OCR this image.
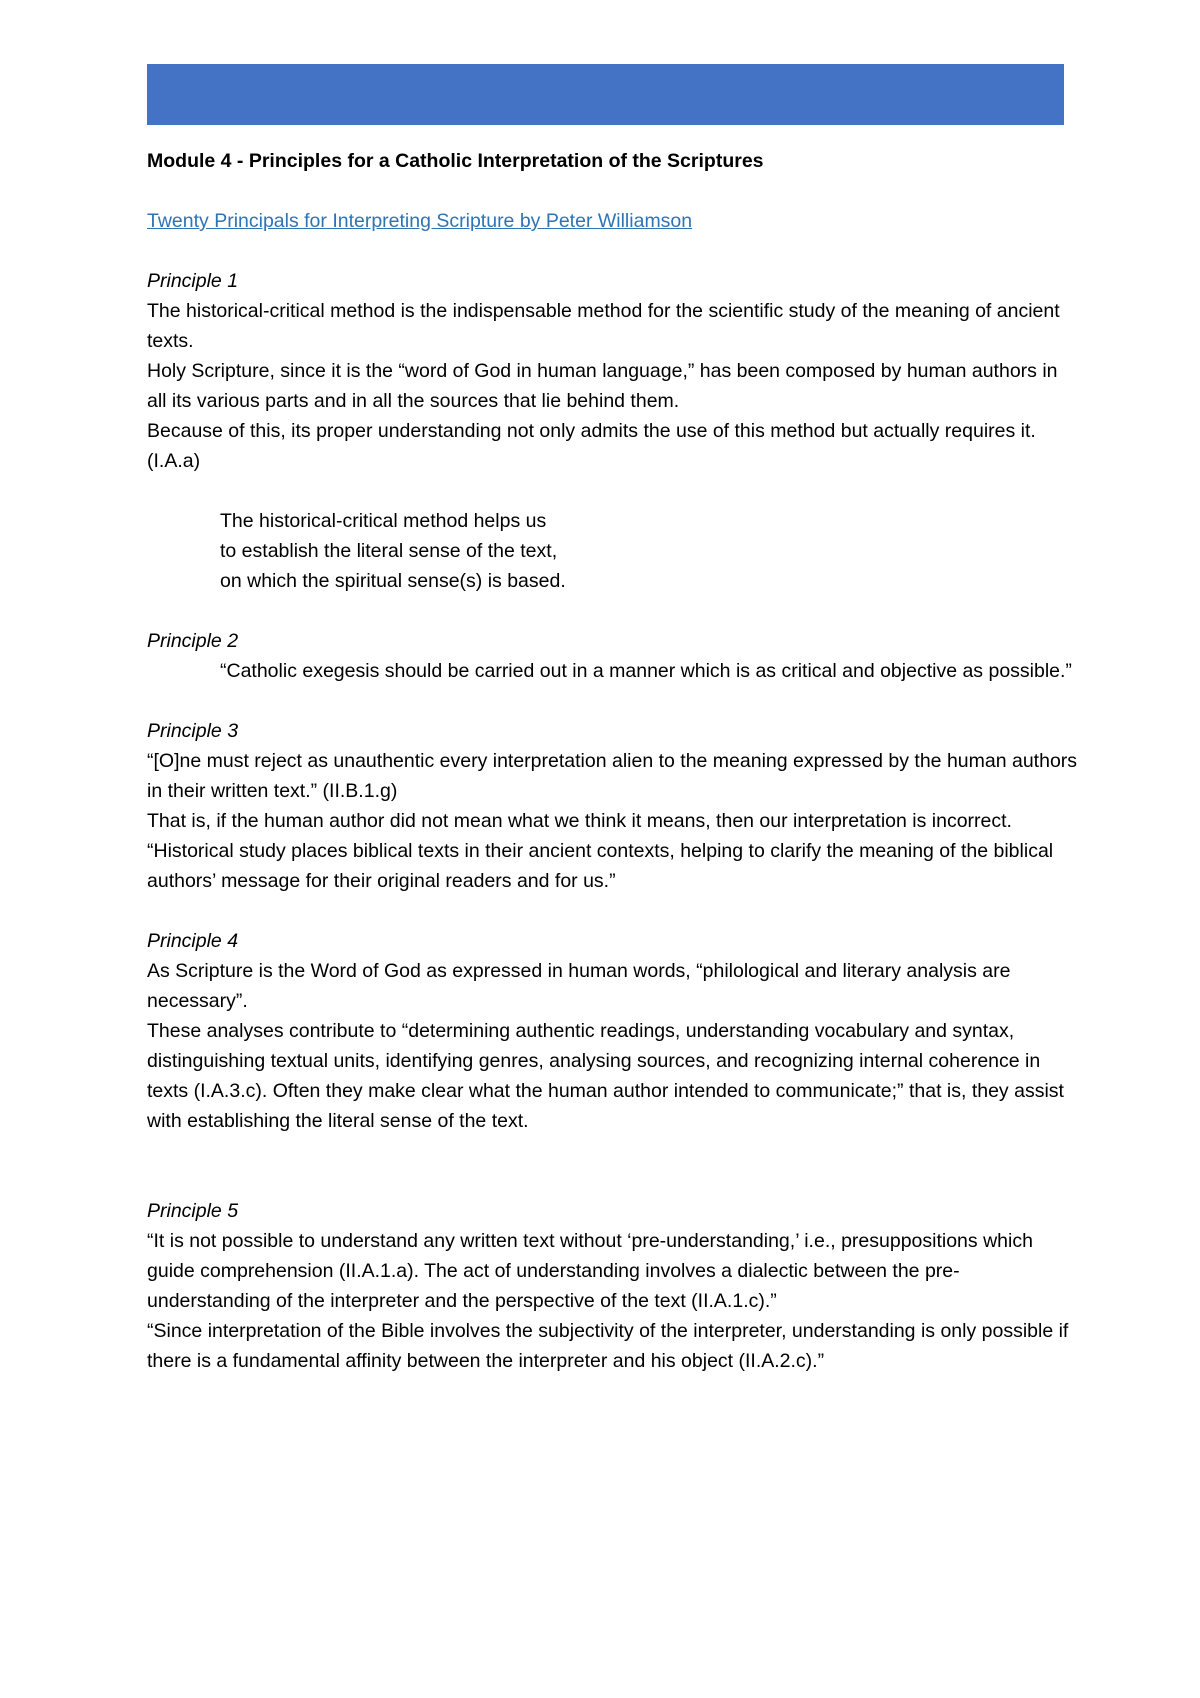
Module 4 - Principles for a Catholic Interpretation of the Scriptures

Twenty Principals for Interpreting Scripture by Peter Williamson

Principle 1

The historical-critical method is the indispensable method for the scientific study of the meaning of ancient texts.

Holy Scripture, since it is the “word of God in human language,” has been composed by human authors in all its various parts and in all the sources that lie behind them.

Because of this, its proper understanding not only admits the use of this method but actually requires it. (I.A.a)

The historical-critical method helps us

to establish the literal sense of the text,

on which the spiritual sense(s) is based.

Principle 2

“Catholic exegesis should be carried out in a manner which is as critical and objective as possible.”

Principle 3

“[O]ne must reject as unauthentic every interpretation alien to the meaning expressed by the human authors in their written text.” (II.B.1.g)

That is, if the human author did not mean what we think it means, then our interpretation is incorrect.

“Historical study places biblical texts in their ancient contexts, helping to clarify the meaning of the biblical authors’ message for their original readers and for us.”

Principle 4

As Scripture is the Word of God as expressed in human words, “philological and literary analysis are necessary”.

These analyses contribute to “determining authentic readings, understanding vocabulary and syntax, distinguishing textual units, identifying genres, analysing sources, and recognizing internal coherence in texts (I.A.3.c). Often they make clear what the human author intended to communicate;” that is, they assist with establishing the literal sense of the text.

Principle 5

“It is not possible to understand any written text without ‘pre-understanding,’ i.e., presuppositions which guide comprehension (II.A.1.a). The act of understanding involves a dialectic between the pre-understanding of the interpreter and the perspective of the text (II.A.1.c).”

“Since interpretation of the Bible involves the subjectivity of the interpreter, understanding is only possible if there is a fundamental affinity between the interpreter and his object (II.A.2.c).”
